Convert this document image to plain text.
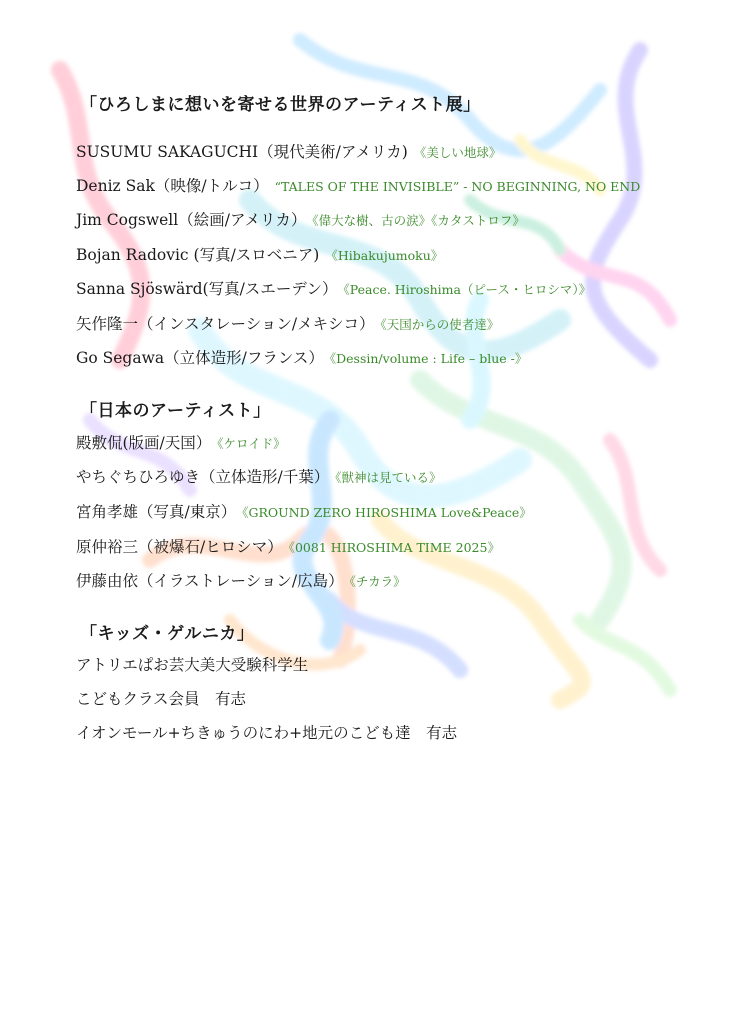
「ひろしまに想いを寄せる世界のアーティスト展」
SUSUMU SAKAGUCHI（現代美術/アメリカ) 《美しい地球》
Deniz Sak（映像/トルコ） “TALES OF THE INVISIBLE” - NO BEGINNING, NO END
Jim Cogswell（絵画/アメリカ） 《偉大な樹、古の涙》《カタストロフ》
Bojan Radovic (写真/スロベニア) 《Hibakujumoku》
Sanna Sjöswärd(写真/スエーデン） 《Peace. Hiroshima（ピース・ヒロシマ）》
矢作隆一（インスタレーション/メキシコ） 《天国からの使者達》
Go Segawa（立体造形/フランス） 《Dessin/volume : Life – blue -》
「日本のアーティスト」
殿敷侃(版画/天国） 《ケロイド》
やちぐちひろゆき（立体造形/千葉） 《獣神は見ている》
宮角孝雄（写真/東京） 《GROUND ZERO HIROSHIMA Love&Peace》
原仲裕三（被爆石/ヒロシマ） 《0081 HIROSHIMA TIME 2025》
伊藤由依（イラストレーション/広島） 《チカラ》
「キッズ・ゲルニカ」
アトリエぱお芸大美大受験科学生
こどもクラス会員　有志
イオンモール+ちきゅうのにわ+地元のこども達　有志
